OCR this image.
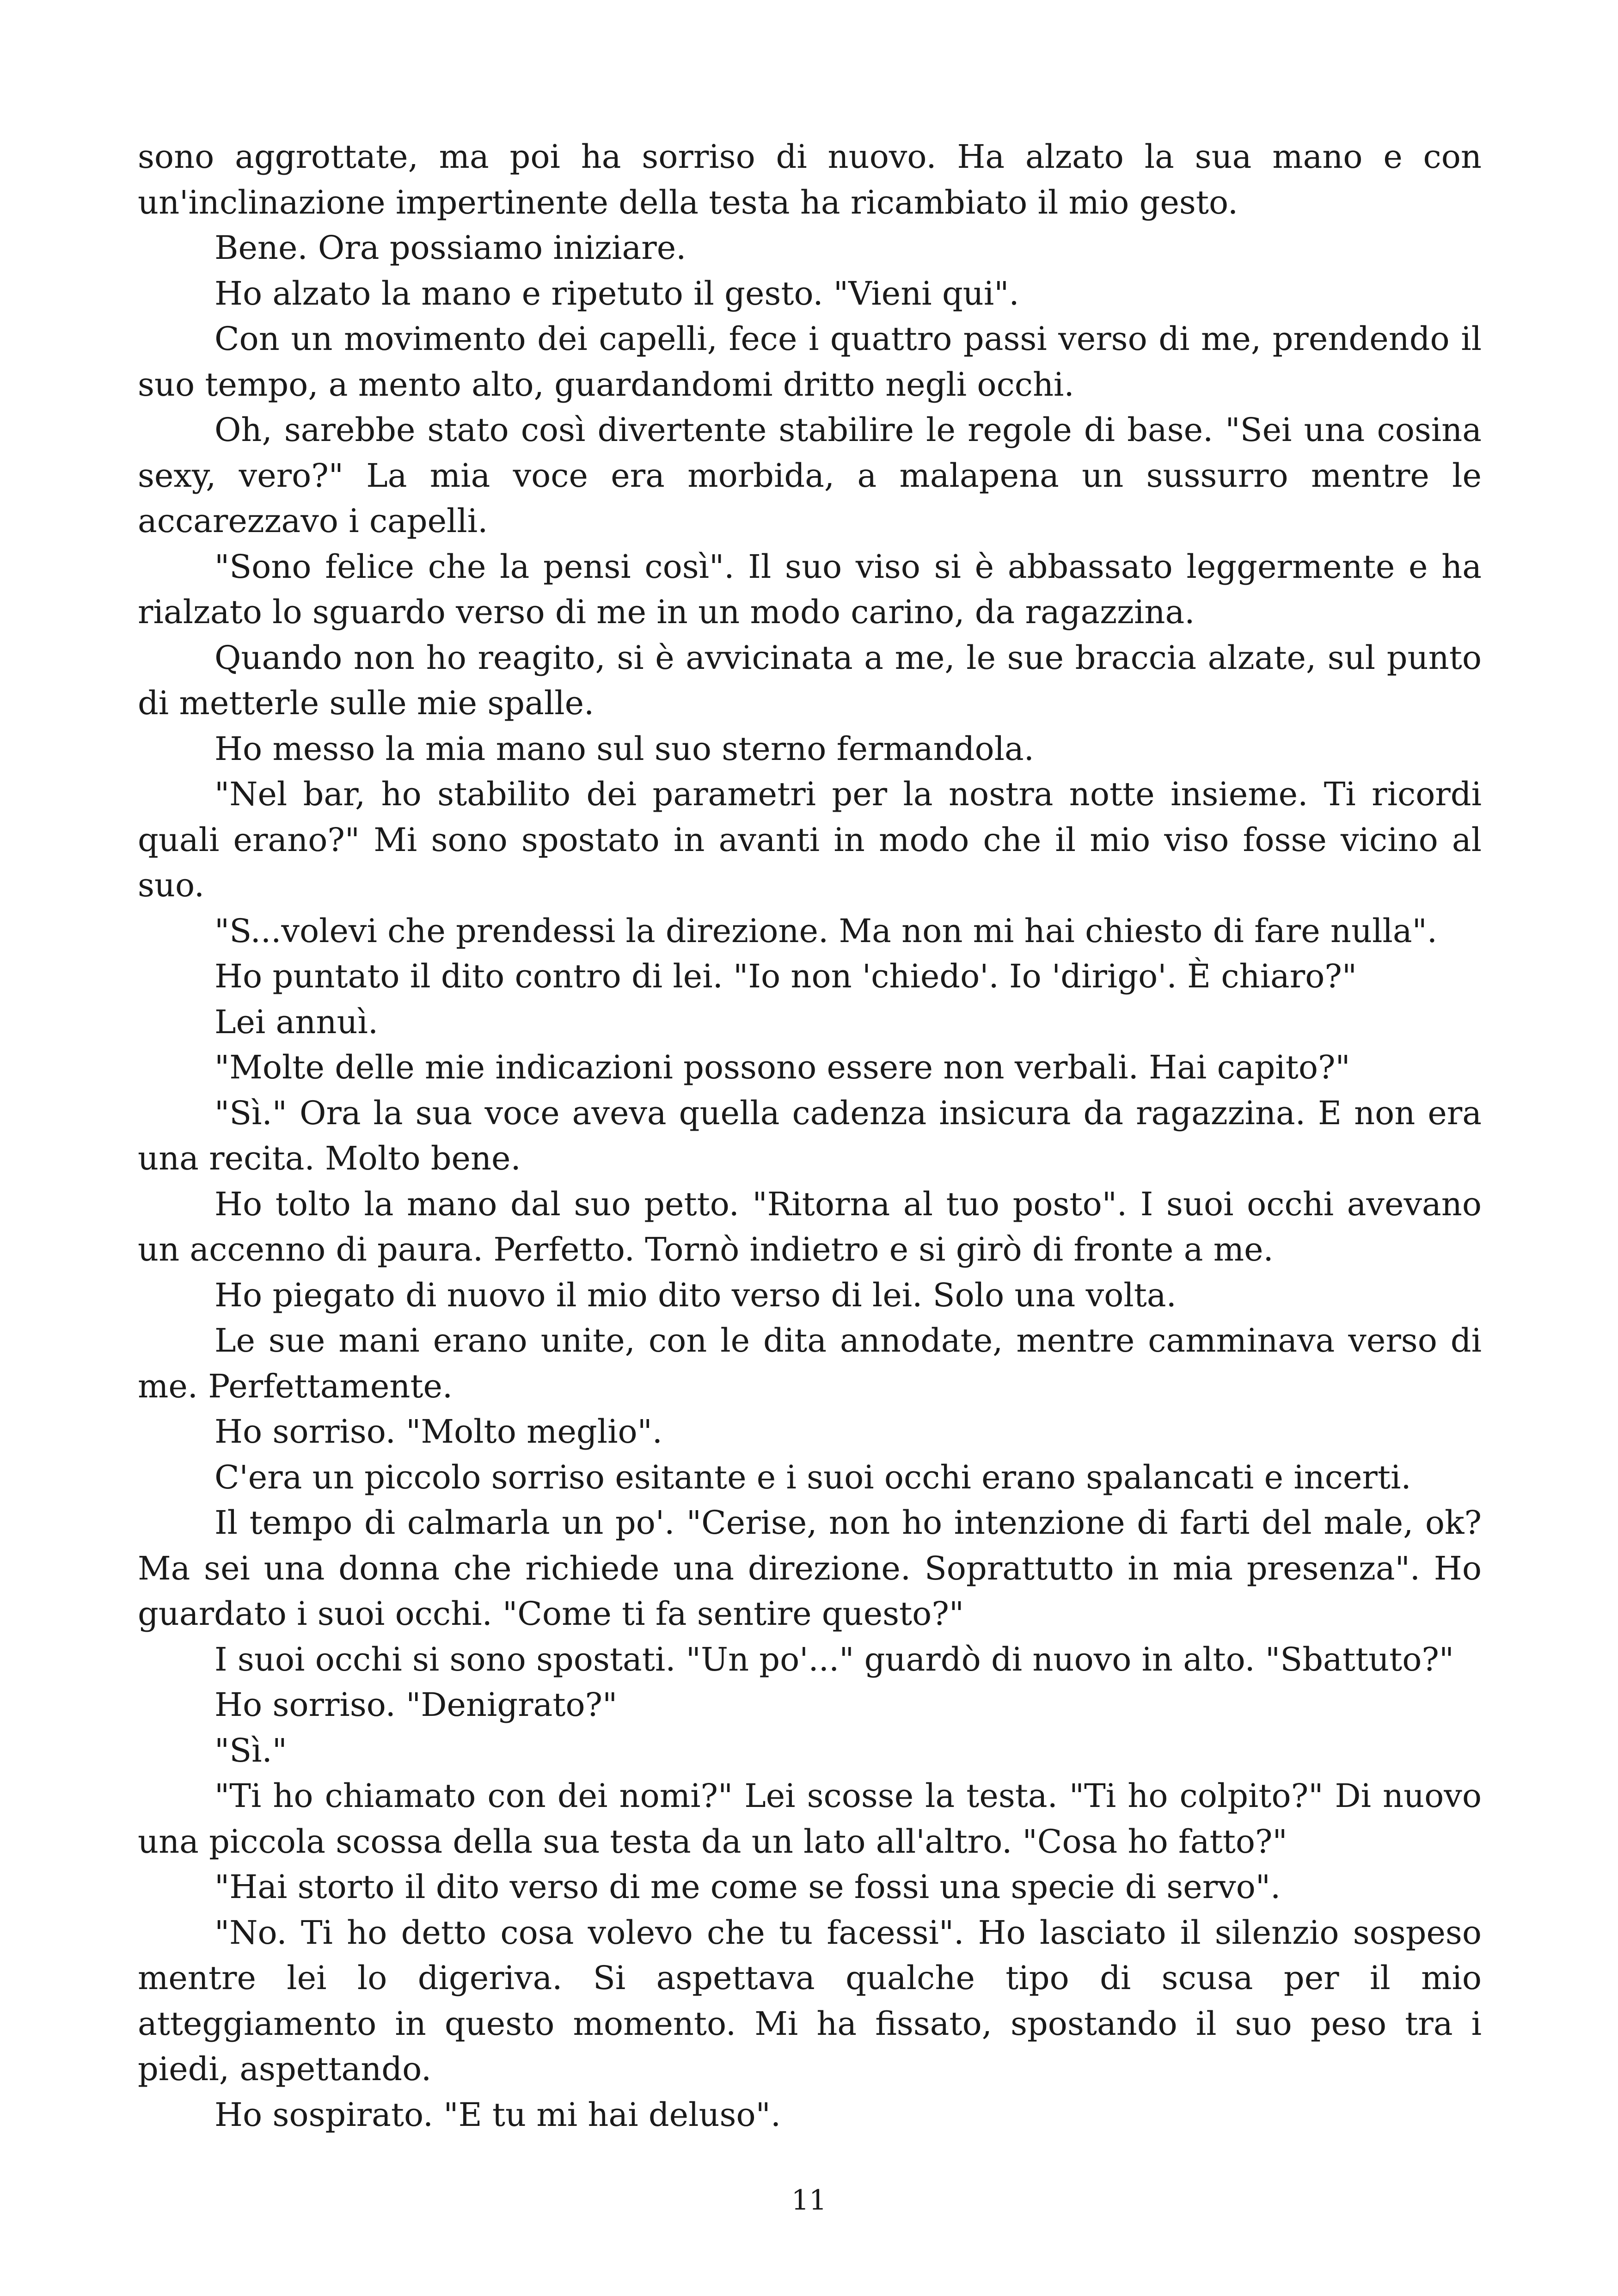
sono aggrottate, ma poi ha sorriso di nuovo. Ha alzato la sua mano e con un'inclinazione impertinente della testa ha ricambiato il mio gesto.

Bene. Ora possiamo iniziare.

Ho alzato la mano e ripetuto il gesto. "Vieni qui".

Con un movimento dei capelli, fece i quattro passi verso di me, prendendo il suo tempo, a mento alto, guardandomi dritto negli occhi.

Oh, sarebbe stato così divertente stabilire le regole di base. "Sei una cosina sexy, vero?" La mia voce era morbida, a malapena un sussurro mentre le accarezzavo i capelli.

"Sono felice che la pensi così". Il suo viso si è abbassato leggermente e ha rialzato lo sguardo verso di me in un modo carino, da ragazzina.

Quando non ho reagito, si è avvicinata a me, le sue braccia alzate, sul punto di metterle sulle mie spalle.

Ho messo la mia mano sul suo sterno fermandola.

"Nel bar, ho stabilito dei parametri per la nostra notte insieme. Ti ricordi quali erano?" Mi sono spostato in avanti in modo che il mio viso fosse vicino al suo.

"S...volevi che prendessi la direzione. Ma non mi hai chiesto di fare nulla".

Ho puntato il dito contro di lei. "Io non 'chiedo'. Io 'dirigo'. È chiaro?"

Lei annuì.

"Molte delle mie indicazioni possono essere non verbali. Hai capito?"

"Sì." Ora la sua voce aveva quella cadenza insicura da ragazzina. E non era una recita. Molto bene.

Ho tolto la mano dal suo petto. "Ritorna al tuo posto". I suoi occhi avevano un accenno di paura. Perfetto. Tornò indietro e si girò di fronte a me.

Ho piegato di nuovo il mio dito verso di lei. Solo una volta.

Le sue mani erano unite, con le dita annodate, mentre camminava verso di me. Perfettamente.

Ho sorriso. "Molto meglio".

C'era un piccolo sorriso esitante e i suoi occhi erano spalancati e incerti.

Il tempo di calmarla un po'. "Cerise, non ho intenzione di farti del male, ok? Ma sei una donna che richiede una direzione. Soprattutto in mia presenza". Ho guardato i suoi occhi. "Come ti fa sentire questo?"

I suoi occhi si sono spostati. "Un po'..." guardò di nuovo in alto. "Sbattuto?"

Ho sorriso. "Denigrato?"

"Sì."

"Ti ho chiamato con dei nomi?" Lei scosse la testa. "Ti ho colpito?" Di nuovo una piccola scossa della sua testa da un lato all'altro. "Cosa ho fatto?"

"Hai storto il dito verso di me come se fossi una specie di servo".

"No. Ti ho detto cosa volevo che tu facessi". Ho lasciato il silenzio sospeso mentre lei lo digeriva. Si aspettava qualche tipo di scusa per il mio atteggiamento in questo momento. Mi ha fissato, spostando il suo peso tra i piedi, aspettando.

Ho sospirato. "E tu mi hai deluso".

11
